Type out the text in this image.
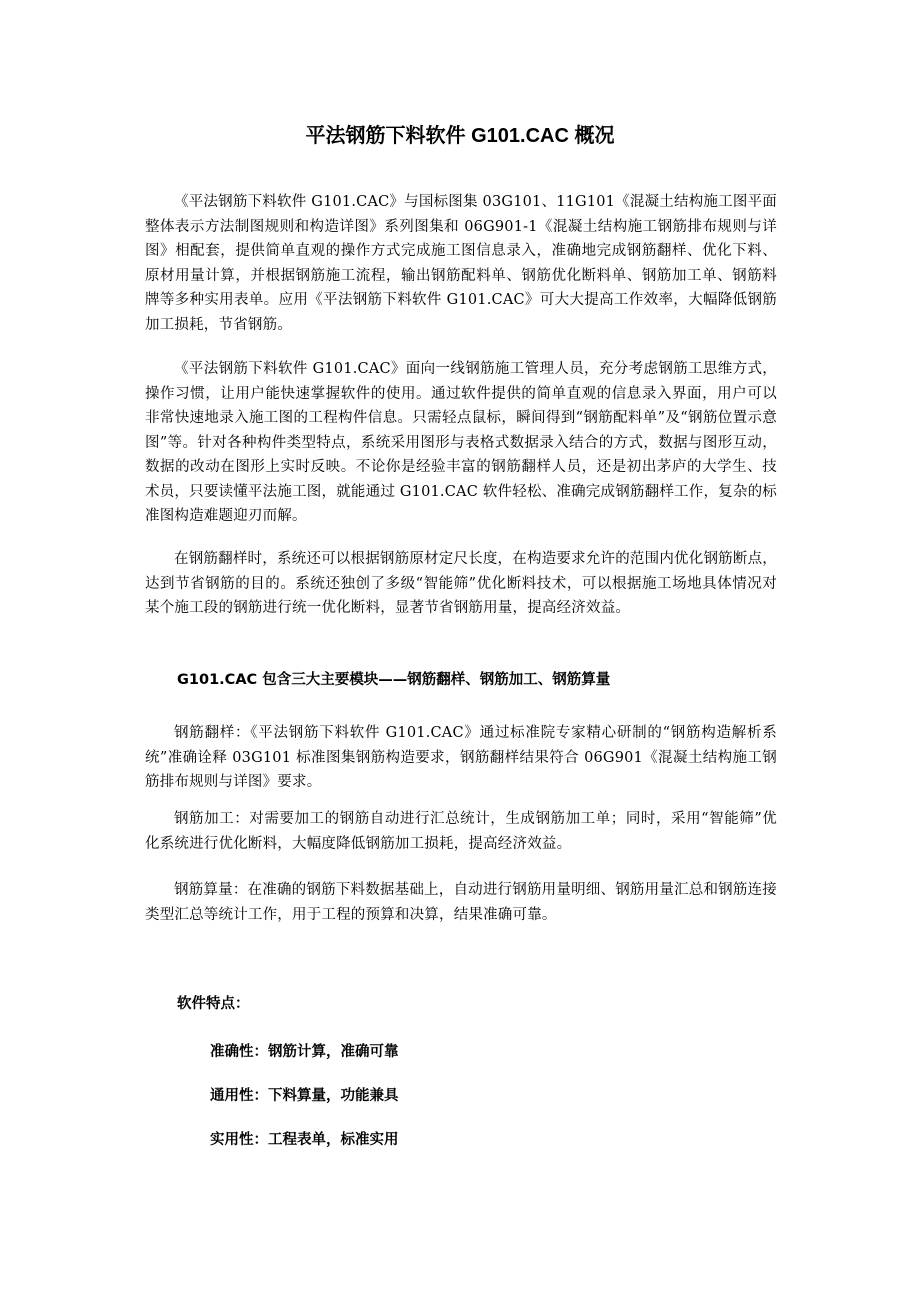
平法钢筋下料软件 G101.CAC 概况

《平法钢筋下料软件 G101.CAC》与国标图集 03G101、11G101《混凝土结构施工图平面整体表示方法制图规则和构造详图》系列图集和 06G901-1《混凝土结构施工钢筋排布规则与详图》相配套，提供简单直观的操作方式完成施工图信息录入，准确地完成钢筋翻样、优化下料、原材用量计算，并根据钢筋施工流程，输出钢筋配料单、钢筋优化断料单、钢筋加工单、钢筋料牌等多种实用表单。应用《平法钢筋下料软件 G101.CAC》可大大提高工作效率，大幅降低钢筋加工损耗，节省钢筋。

《平法钢筋下料软件 G101.CAC》面向一线钢筋施工管理人员，充分考虑钢筋工思维方式，操作习惯，让用户能快速掌握软件的使用。通过软件提供的简单直观的信息录入界面，用户可以非常快速地录入施工图的工程构件信息。只需轻点鼠标，瞬间得到“钢筋配料单”及“钢筋位置示意图”等。针对各种构件类型特点，系统采用图形与表格式数据录入结合的方式，数据与图形互动，数据的改动在图形上实时反映。不论你是经验丰富的钢筋翻样人员，还是初出茅庐的大学生、技术员，只要读懂平法施工图，就能通过 G101.CAC 软件轻松、准确完成钢筋翻样工作，复杂的标准图构造难题迎刃而解。

在钢筋翻样时，系统还可以根据钢筋原材定尺长度，在构造要求允许的范围内优化钢筋断点，达到节省钢筋的目的。系统还独创了多级“智能筛”优化断料技术，可以根据施工场地具体情况对某个施工段的钢筋进行统一优化断料，显著节省钢筋用量，提高经济效益。

G101.CAC 包含三大主要模块——钢筋翻样、钢筋加工、钢筋算量

钢筋翻样：《平法钢筋下料软件 G101.CAC》通过标准院专家精心研制的“钢筋构造解析系统”准确诠释 03G101 标准图集钢筋构造要求，钢筋翻样结果符合 06G901《混凝土结构施工钢筋排布规则与详图》要求。

钢筋加工：对需要加工的钢筋自动进行汇总统计，生成钢筋加工单；同时，采用“智能筛”优化系统进行优化断料，大幅度降低钢筋加工损耗，提高经济效益。

钢筋算量：在准确的钢筋下料数据基础上，自动进行钢筋用量明细、钢筋用量汇总和钢筋连接类型汇总等统计工作，用于工程的预算和决算，结果准确可靠。

软件特点：

准确性：钢筋计算，准确可靠

通用性：下料算量，功能兼具

实用性：工程表单，标准实用
